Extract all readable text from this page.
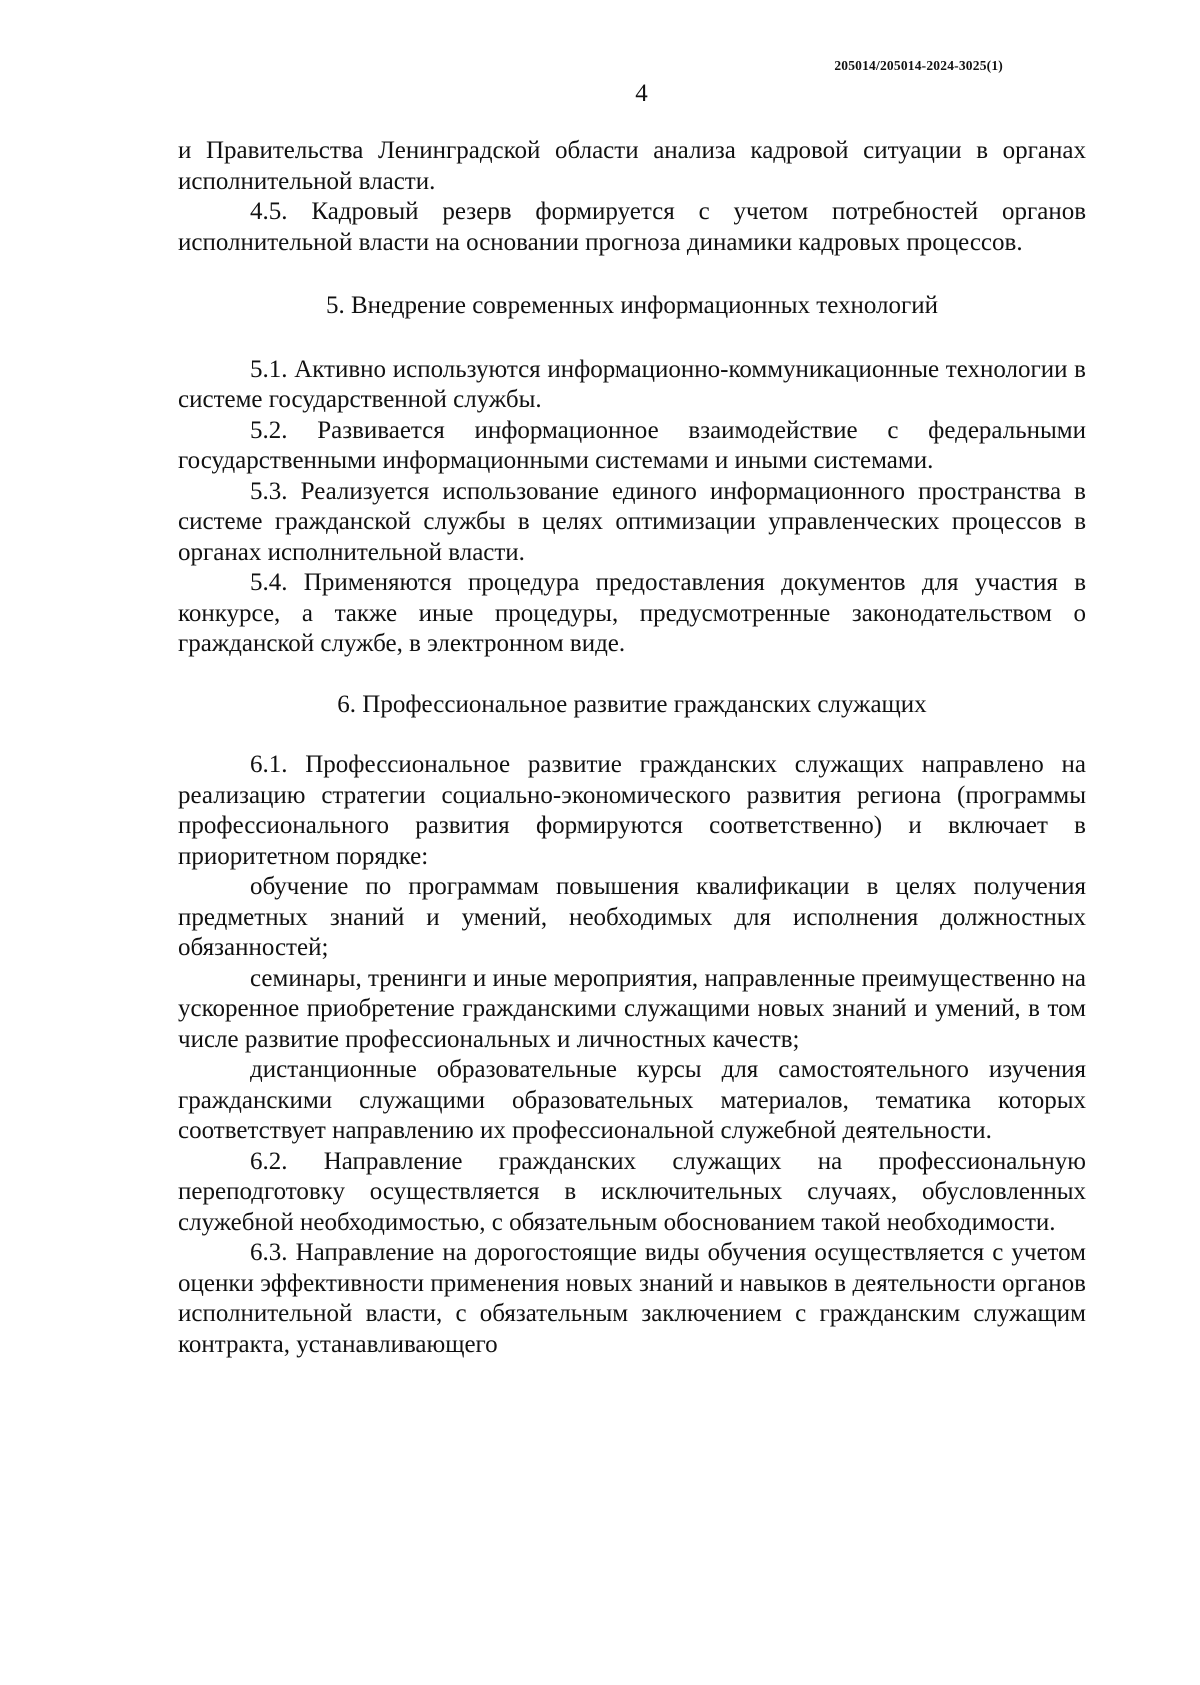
205014/205014-2024-3025(1)
4

и Правительства Ленинградской области анализа кадровой ситуации в органах исполнительной власти.

4.5. Кадровый резерв формируется с учетом потребностей органов исполнительной власти на основании прогноза динамики кадровых процессов.

5. Внедрение современных информационных технологий

5.1. Активно используются информационно-коммуникационные технологии в системе государственной службы.

5.2. Развивается информационное взаимодействие с федеральными государственными информационными системами и иными системами.

5.3. Реализуется использование единого информационного пространства в системе гражданской службы в целях оптимизации управленческих процессов в органах исполнительной власти.

5.4. Применяются процедура предоставления документов для участия в конкурсе, а также иные процедуры, предусмотренные законодательством о гражданской службе, в электронном виде.

6. Профессиональное развитие гражданских служащих

6.1. Профессиональное развитие гражданских служащих направлено на реализацию стратегии социально-экономического развития региона (программы профессионального развития формируются соответственно) и включает в приоритетном порядке:

обучение по программам повышения квалификации в целях получения предметных знаний и умений, необходимых для исполнения должностных обязанностей;

семинары, тренинги и иные мероприятия, направленные преимущественно на ускоренное приобретение гражданскими служащими новых знаний и умений, в том числе развитие профессиональных и личностных качеств;

дистанционные образовательные курсы для самостоятельного изучения гражданскими служащими образовательных материалов, тематика которых соответствует направлению их профессиональной служебной деятельности.

6.2. Направление гражданских служащих на профессиональную переподготовку осуществляется в исключительных случаях, обусловленных служебной необходимостью, с обязательным обоснованием такой необходимости.

6.3. Направление на дорогостоящие виды обучения осуществляется с учетом оценки эффективности применения новых знаний и навыков в деятельности органов исполнительной власти, с обязательным заключением с гражданским служащим контракта, устанавливающего
